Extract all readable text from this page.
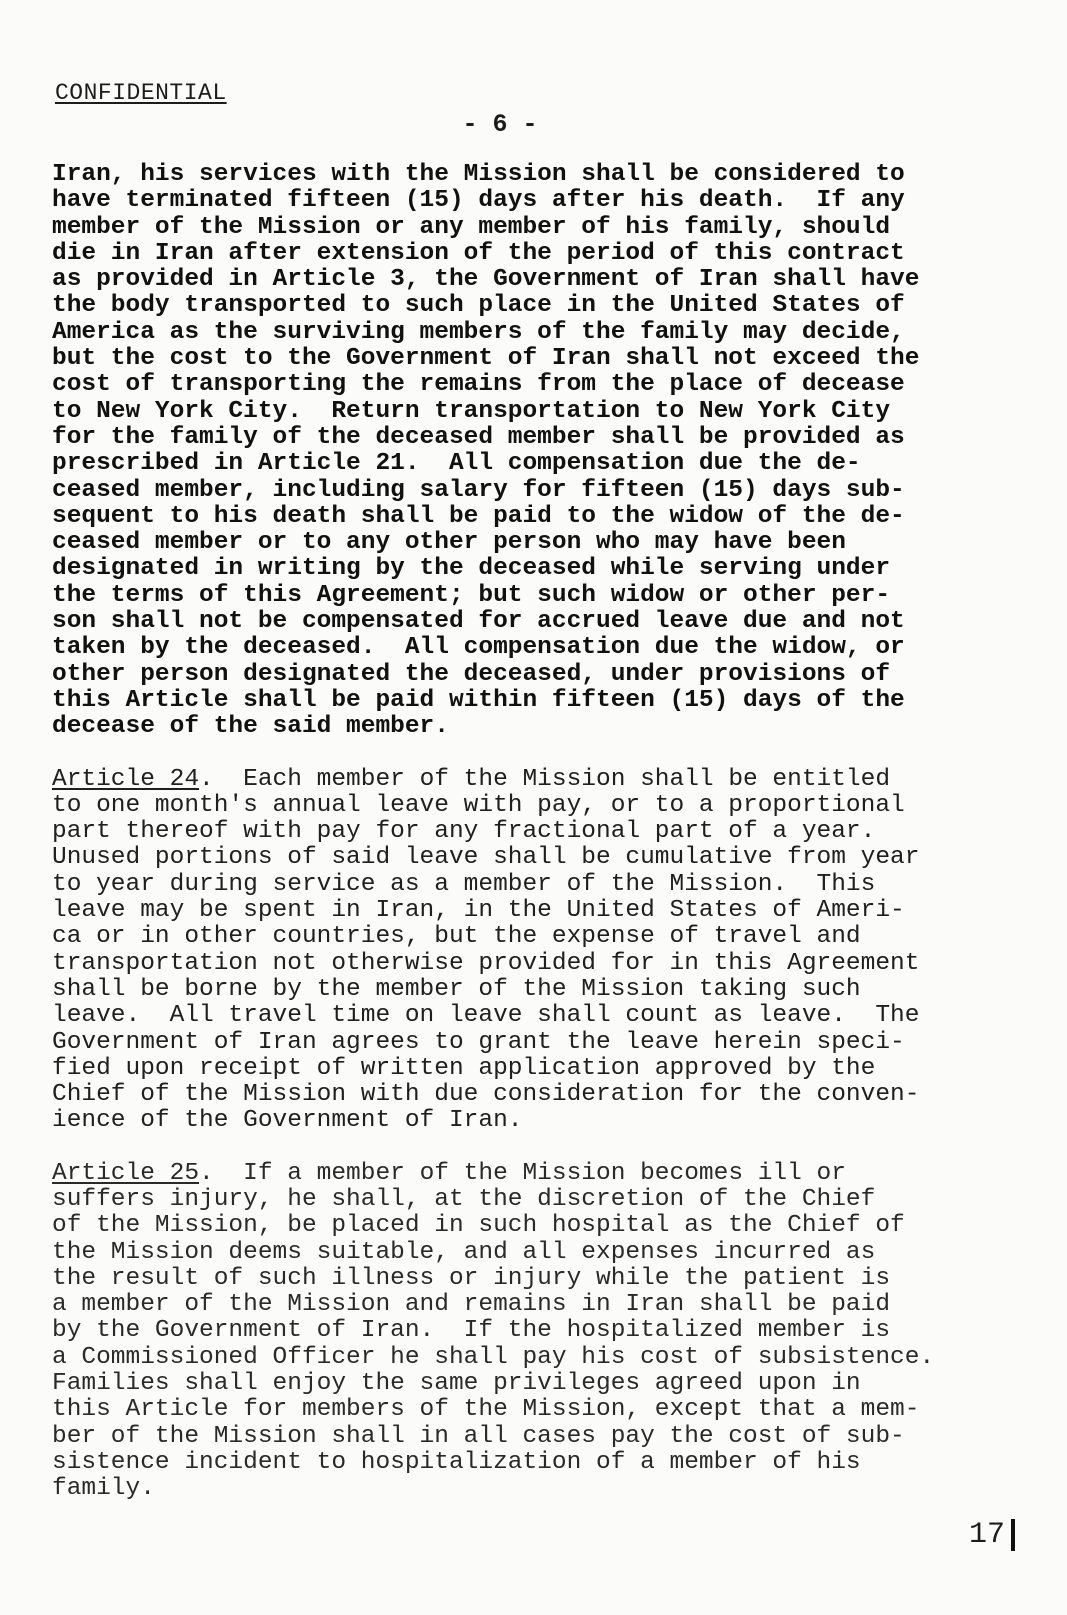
CONFIDENTIAL

- 6 -

Iran, his services with the Mission shall be considered to
have terminated fifteen (15) days after his death.  If any
member of the Mission or any member of his family, should
die in Iran after extension of the period of this contract
as provided in Article 3, the Government of Iran shall have
the body transported to such place in the United States of
America as the surviving members of the family may decide,
but the cost to the Government of Iran shall not exceed the
cost of transporting the remains from the place of decease
to New York City.  Return transportation to New York City
for the family of the deceased member shall be provided as
prescribed in Article 21.  All compensation due the de-
ceased member, including salary for fifteen (15) days sub-
sequent to his death shall be paid to the widow of the de-
ceased member or to any other person who may have been
designated in writing by the deceased while serving under
the terms of this Agreement; but such widow or other per-
son shall not be compensated for accrued leave due and not
taken by the deceased.  All compensation due the widow, or
other person designated the deceased, under provisions of
this Article shall be paid within fifteen (15) days of the
decease of the said member.

Article 24.  Each member of the Mission shall be entitled
to one month's annual leave with pay, or to a proportional
part thereof with pay for any fractional part of a year.
Unused portions of said leave shall be cumulative from year
to year during service as a member of the Mission.  This
leave may be spent in Iran, in the United States of Ameri-
ca or in other countries, but the expense of travel and
transportation not otherwise provided for in this Agreement
shall be borne by the member of the Mission taking such
leave.  All travel time on leave shall count as leave.  The
Government of Iran agrees to grant the leave herein speci-
fied upon receipt of written application approved by the
Chief of the Mission with due consideration for the conven-
ience of the Government of Iran.

Article 25.  If a member of the Mission becomes ill or
suffers injury, he shall, at the discretion of the Chief
of the Mission, be placed in such hospital as the Chief of
the Mission deems suitable, and all expenses incurred as
the result of such illness or injury while the patient is
a member of the Mission and remains in Iran shall be paid
by the Government of Iran.  If the hospitalized member is
a Commissioned Officer he shall pay his cost of subsistence.
Families shall enjoy the same privileges agreed upon in
this Article for members of the Mission, except that a mem-
ber of the Mission shall in all cases pay the cost of sub-
sistence incident to hospitalization of a member of his
family.

17
